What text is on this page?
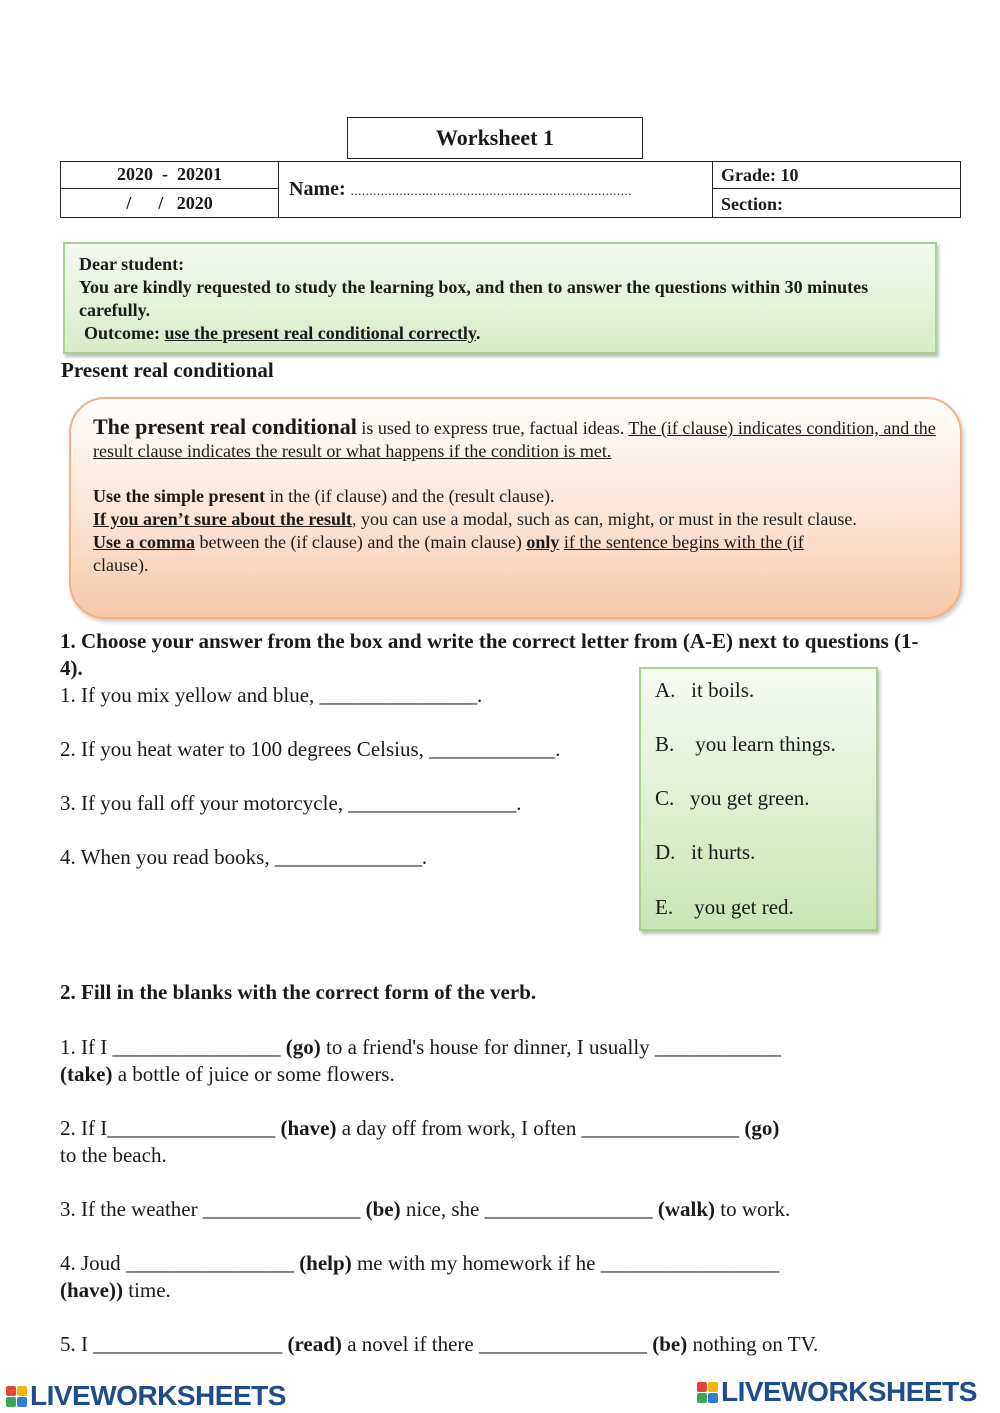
Worksheet 1
2020  -  20201
/      /   2020
Name: ...........................................................................
Grade: 10
Section:
Dear student:
You are kindly requested to study the learning box, and then to answer the questions within 30 minutes carefully.
Outcome: use the present real conditional correctly.
Present real conditional

The present real conditional is used to express true, factual ideas. The (if clause) indicates condition, and the result clause indicates the result or what happens if the condition is met.

Use the simple present in the (if clause) and the (result clause).

If you aren’t sure about the result, you can use a modal, such as can, might, or must in the result clause.

Use a comma between the (if clause) and the (main clause) only if the sentence begins with the (if
clause).

1. Choose your answer from the box and write the correct letter from (A-E) next to questions (1-4).
1. If you mix yellow and blue, _______________.
2. If you heat water to 100 degrees Celsius, ____________.
3. If you fall off your motorcycle, ________________.
4. When you read books, ______________.
A.   it boils.
B.    you learn things.
C.   you get green.
D.   it hurts.
E.    you get red.
2. Fill in the blanks with the correct form of the verb.
1. If I ________________ (go) to a friend's house for dinner, I usually ____________
(take) a bottle of juice or some flowers.
2. If I________________ (have) a day off from work, I often _______________ (go)
to the beach.
3. If the weather _______________ (be) nice, she ________________ (walk) to work.
4. Joud ________________ (help) me with my homework if he _________________
(have)) time.
5. I __________________ (read) a novel if there ________________ (be) nothing on TV.
LIVEWORKSHEETS	LIVEWORKSHEETS
